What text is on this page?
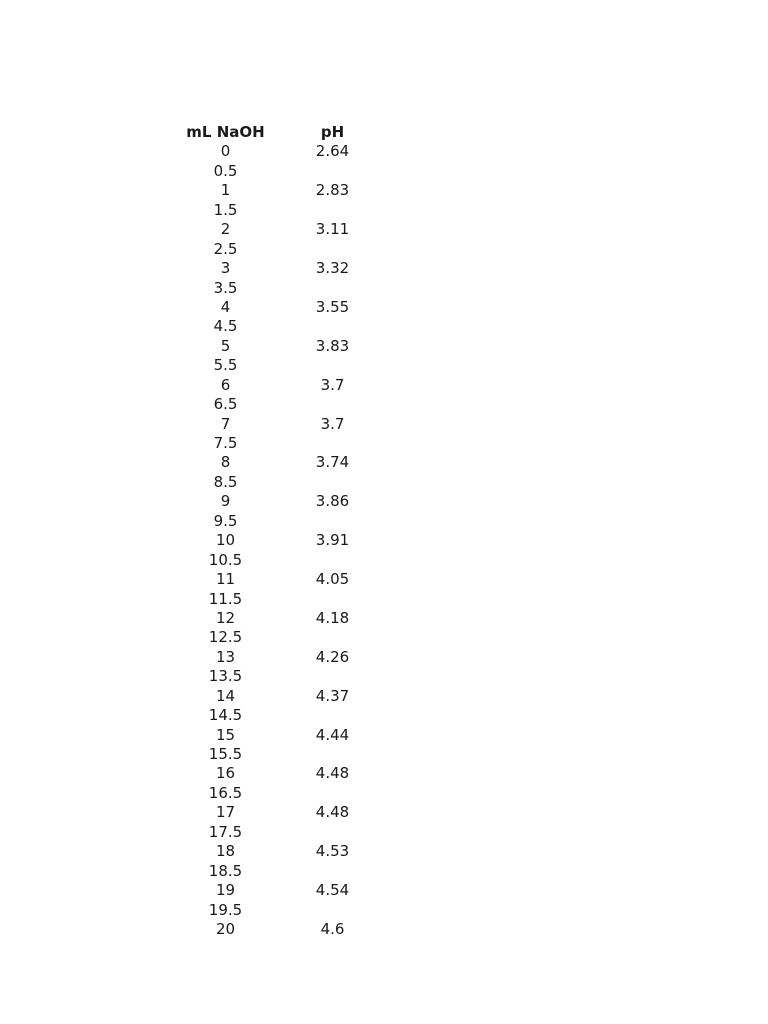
mL NaOH	pH
0	2.64
0.5	
1	2.83
1.5	
2	3.11
2.5	
3	3.32
3.5	
4	3.55
4.5	
5	3.83
5.5	
6	3.7
6.5	
7	3.7
7.5	
8	3.74
8.5	
9	3.86
9.5	
10	3.91
10.5	
11	4.05
11.5	
12	4.18
12.5	
13	4.26
13.5	
14	4.37
14.5	
15	4.44
15.5	
16	4.48
16.5	
17	4.48
17.5	
18	4.53
18.5	
19	4.54
19.5	
20	4.6
